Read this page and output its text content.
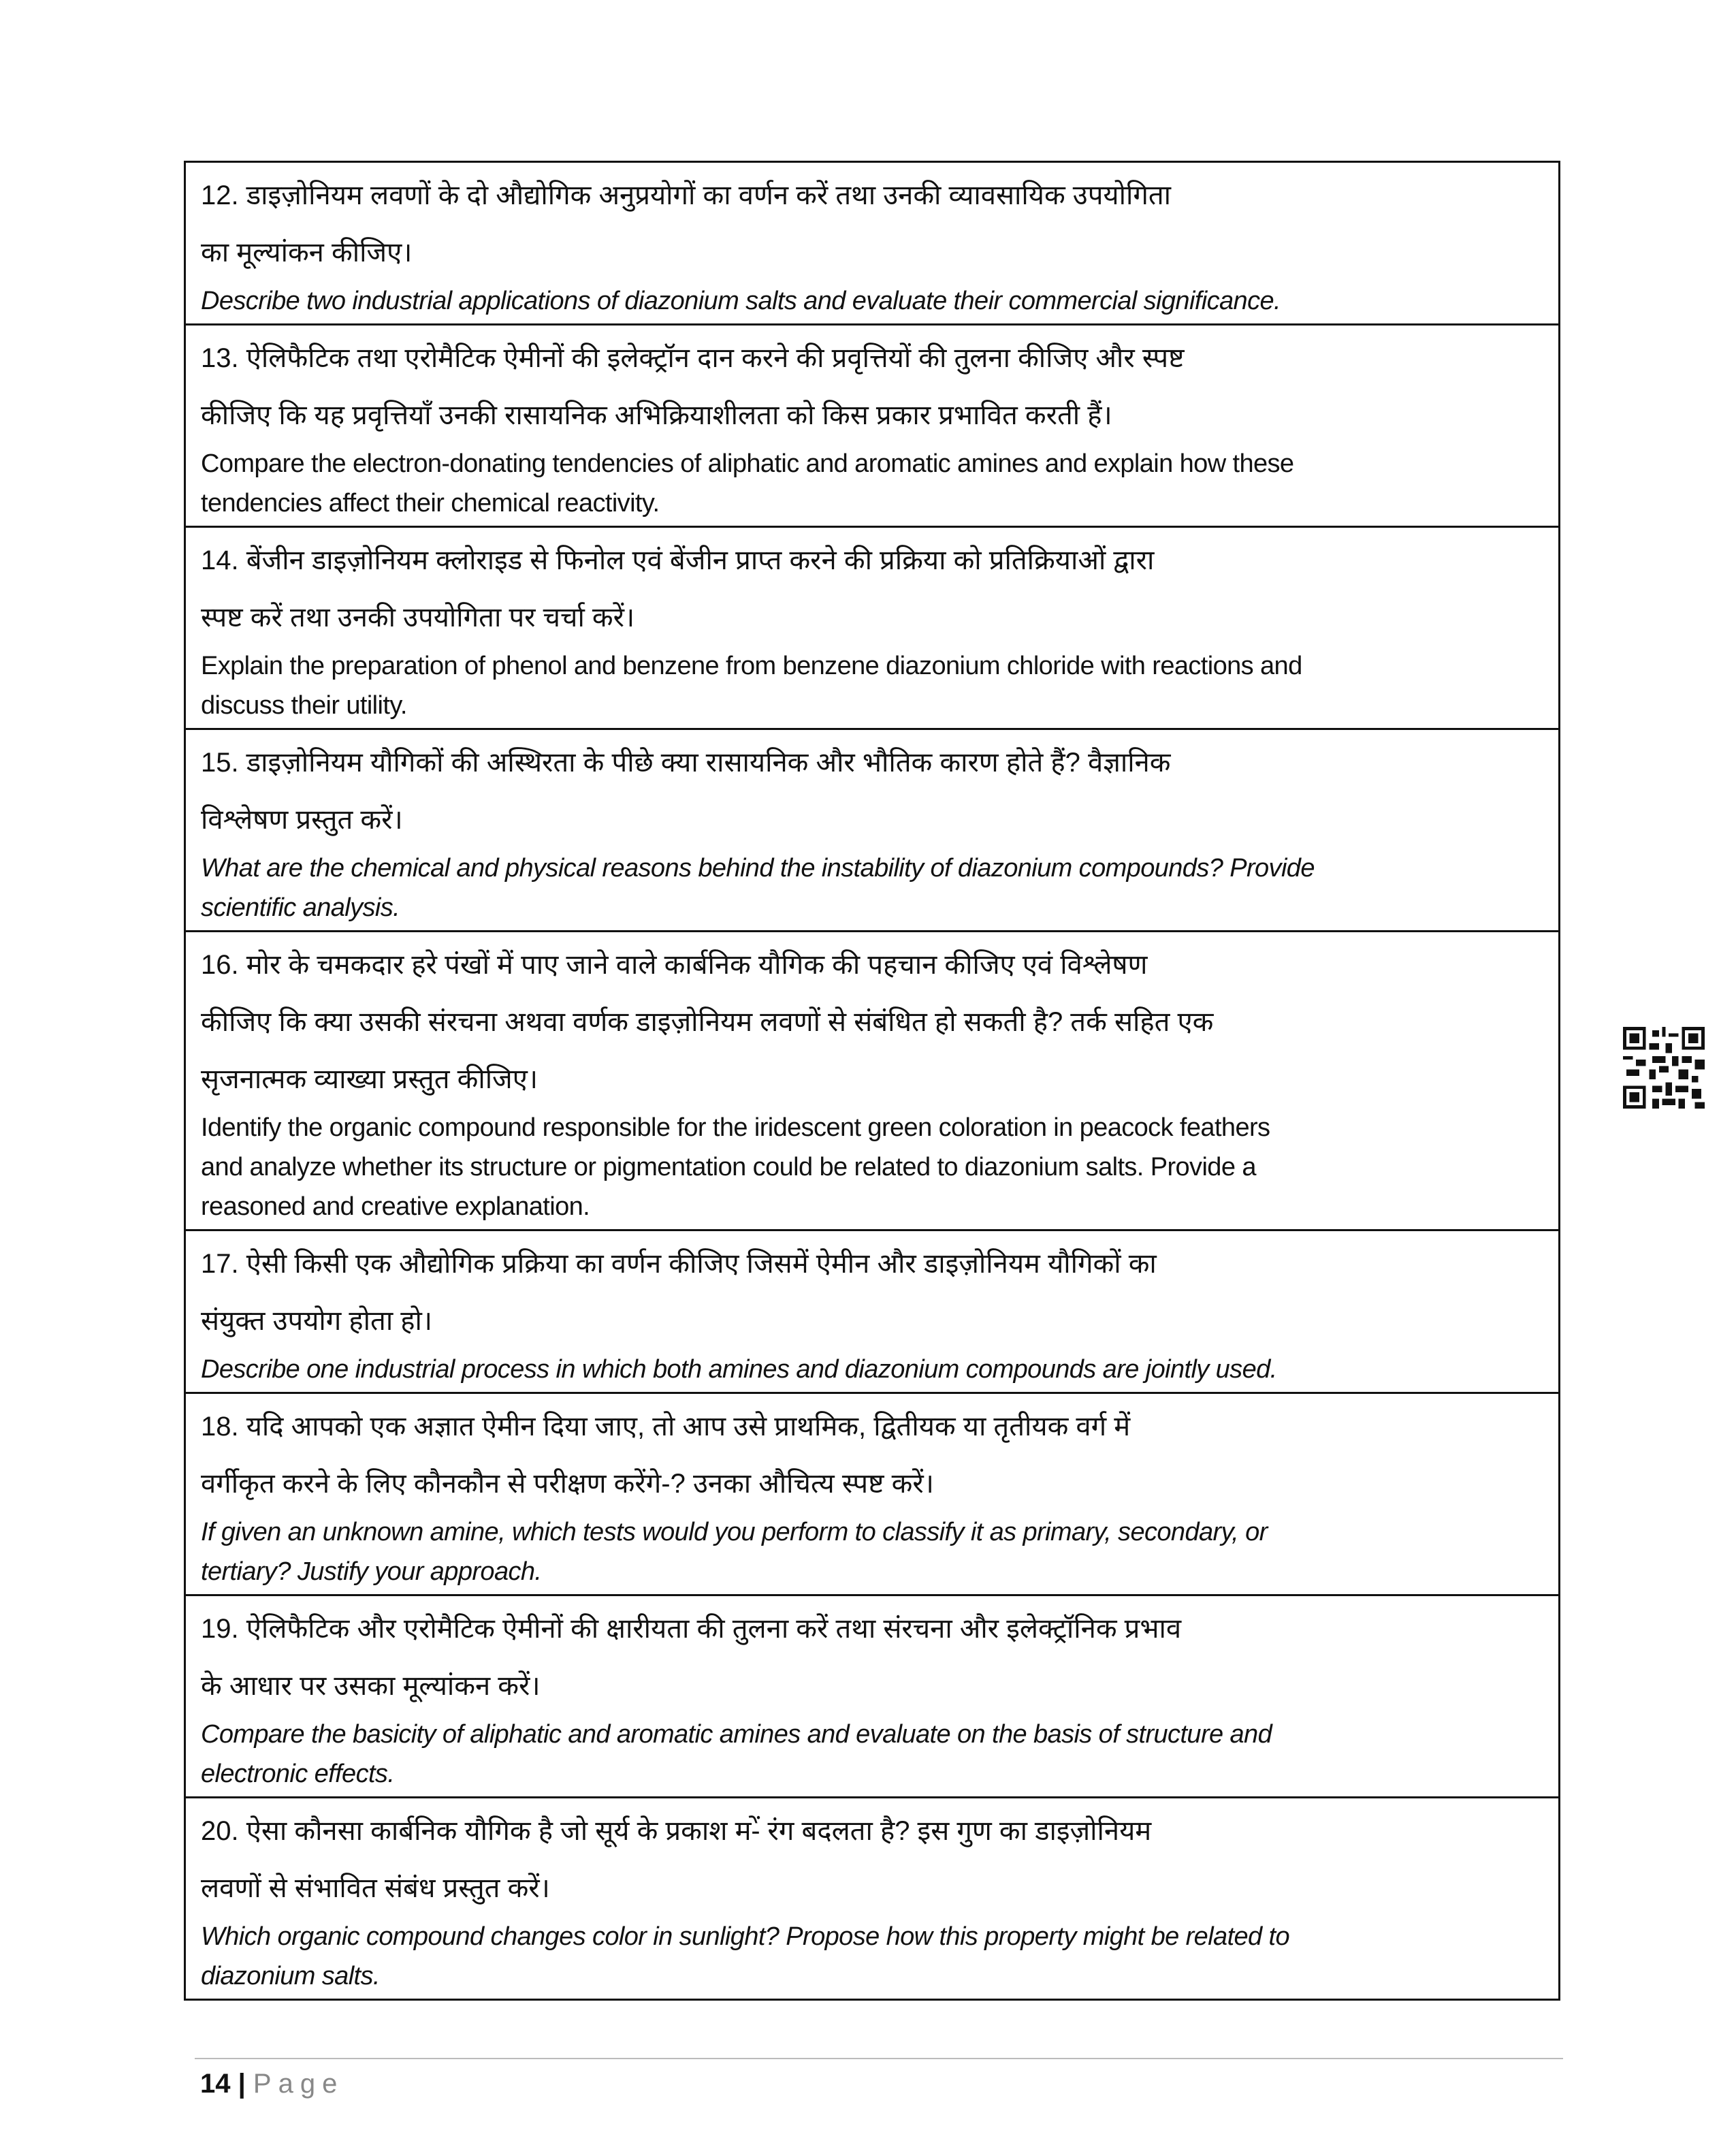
12. डाइज़ोनियम लवणों के दो औद्योगिक अनुप्रयोगों का वर्णन करें तथा उनकी व्यावसायिक उपयोगिता
का मूल्यांकन कीजिए।
Describe two industrial applications of diazonium salts and evaluate their commercial significance.
13. ऐलिफैटिक तथा एरोमैटिक ऐमीनों की इलेक्ट्रॉन दान करने की प्रवृत्तियों की तुलना कीजिए और स्पष्ट
कीजिए कि यह प्रवृत्तियाँ उनकी रासायनिक अभिक्रियाशीलता को किस प्रकार प्रभावित करती हैं।
Compare the electron-donating tendencies of aliphatic and aromatic amines and explain how these
tendencies affect their chemical reactivity.
14. बेंजीन डाइज़ोनियम क्लोराइड से फिनोल एवं बेंजीन प्राप्त करने की प्रक्रिया को प्रतिक्रियाओं द्वारा
स्पष्ट करें तथा उनकी उपयोगिता पर चर्चा करें।
Explain the preparation of phenol and benzene from benzene diazonium chloride with reactions and
discuss their utility.
15. डाइज़ोनियम यौगिकों की अस्थिरता के पीछे क्या रासायनिक और भौतिक कारण होते हैं? वैज्ञानिक
विश्लेषण प्रस्तुत करें।
What are the chemical and physical reasons behind the instability of diazonium compounds? Provide
scientific analysis.
16. मोर के चमकदार हरे पंखों में पाए जाने वाले कार्बनिक यौगिक की पहचान कीजिए एवं विश्लेषण
कीजिए कि क्या उसकी संरचना अथवा वर्णक डाइज़ोनियम लवणों से संबंधित हो सकती है? तर्क सहित एक
सृजनात्मक व्याख्या प्रस्तुत कीजिए।
Identify the organic compound responsible for the iridescent green coloration in peacock feathers
and analyze whether its structure or pigmentation could be related to diazonium salts. Provide a
reasoned and creative explanation.
17. ऐसी किसी एक औद्योगिक प्रक्रिया का वर्णन कीजिए जिसमें ऐमीन और डाइज़ोनियम यौगिकों का
संयुक्त उपयोग होता हो।
Describe one industrial process in which both amines and diazonium compounds are jointly used.
18. यदि आपको एक अज्ञात ऐमीन दिया जाए, तो आप उसे प्राथमिक, द्वितीयक या तृतीयक वर्ग में
वर्गीकृत करने के लिए कौनकौन से परीक्षण करेंगे-? उनका औचित्य स्पष्ट करें।
If given an unknown amine, which tests would you perform to classify it as primary, secondary, or
tertiary? Justify your approach.
19. ऐलिफैटिक और एरोमैटिक ऐमीनों की क्षारीयता की तुलना करें तथा संरचना और इलेक्ट्रॉनिक प्रभाव
के आधार पर उसका मूल्यांकन करें।
Compare the basicity of aliphatic and aromatic amines and evaluate on the basis of structure and
electronic effects.
20. ऐसा कौनसा कार्बनिक यौगिक है जो सूर्य के प्रकाश म-ें रंग बदलता है? इस गुण का डाइज़ोनियम
लवणों से संभावित संबंध प्रस्तुत करें।
Which organic compound changes color in sunlight? Propose how this property might be related to
diazonium salts.
14 | Page
